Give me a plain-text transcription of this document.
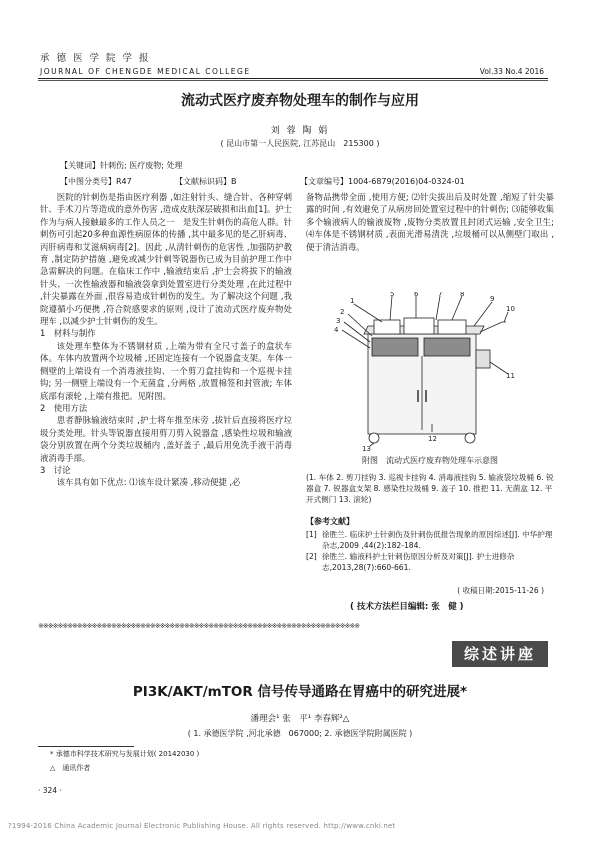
承德医学院学报
JOURNAL OF CHENGDE MEDICAL COLLEGE	Vol.33 No.4 2016
流动式医疗废弃物处理车的制作与应用
刘 蓉 陶 娟
( 昆山市第一人民医院, 江苏昆山　215300 )
【关键词】针刺伤; 医疗废物; 处理
【中图分类号】R47	【文献标识码】B	【文章编号】1004-6879(2016)04-0324-01

医院的针刺伤是指由医疗利器 ,如注射针头、缝合针、各种穿刺针、手术刀片等造成的意外伤害 ,造成皮肤深层破损和出血[1]。护士作为与病人接触最多的工作人员之一　是发生针刺伤的高危人群。针刺伤可引起20多种血源性病原体的传播 ,其中最多见的是乙肝病毒、丙肝病毒和艾滋病病毒[2]。因此 ,从清针刺伤的危害性 ,加强防护教育 ,制定防护措施 ,避免或减少针刺等锐器伤已成为目前护理工作中急需解决的问题。在临床工作中 ,输液结束后 ,护士会将拔下的输液针头、一次性输液器和输液袋拿到处置室进行分类处理 ,在此过程中 ,针尖暴露在外面 ,很容易造成针刺伤的发生。为了解决这个问题 ,我院遵循小巧便携 ,符合院感要求的原则 ,设计了流动式医疗废弃物处理车 ,以减少护士针刺伤的发生。

1　材料与制作

该处理车整体为不锈钢材质 ,上端为带有全尺寸盖子的盒状车体。车体内放置两个垃圾桶 ,还固定连接有一个锐器盒支架。车体一侧壁的上端设有一个消毒液挂钩、一个剪刀盒挂钩和一个巡视卡挂钩; 另一侧壁上端设有一个无菌盒 ,分两格 ,放置棉签和封管液; 车体底部有滚轮 ,上端有推把。见附图。

2　使用方法

患者静脉输液结束时 ,护士将车推至床旁 ,拔针后直接将医疗垃圾分类处理。针头等锐器直接用剪刀剪入锐器盒 ,感染性垃圾和输液袋分别放置在两个分类垃圾桶内 ,盖好盖子 ,最后用免洗手液干消毒液消毒手部。

3　讨论

该车具有如下优点: ⑴该车设计紧凑 ,移动便捷 ,必

备物品携带全面 ,使用方便; ⑵针尖拔出后及时处置 ,缩短了针尖暴露的时间 ,有效避免了从病房回处置室过程中的针刺伤; ⑶能够收集多个输液病人的输液废物 ,废物分类放置且封闭式运输 ,安全卫生; ⑷车体是不锈钢材质 ,表面光滑易清洗 ,垃圾桶可以从侧壁门取出 ,便于清洁消毒。

1
2
3
4
5	6	7	8
9
10
11
12
13
附图　流动式医疗废弃物处理车示意图
(1. 车体 2. 剪刀挂钩 3. 巡视卡挂钩 4. 消毒液挂钩 5. 输液袋垃圾桶 6. 锐器盒 7. 锐器盒支架 8. 感染性垃圾桶 9. 盖子 10. 推把 11. 无菌盒 12. 平开式侧门 13. 滚轮)
【参考文献】
[1] 徐胜兰. 临床护士针刺伤及针刺伤低报告现象的原因综述[J]. 中华护理杂志,2009 ,44(2):182-184.
[2] 徐胜兰. 输液科护士针刺伤原因分析及对策[J]. 护士进修杂志,2013,28(7):660-661.
( 收稿日期:2015-11-26 )
( 技术方法栏目编辑: 张　健 )
※※※※※※※※※※※※※※※※※※※※※※※※※※※※※※※※※※※※※※※※※※※※※※※※※※※※※※※※※※※※※※※※※※
综述讲座
PI3K/AKT/mTOR 信号传导通路在胃癌中的研究进展*
潘理会¹ 张　平¹ 李春辉²△
( 1. 承德医学院 ,河北承德　067000; 2. 承德医学院附属医院 )
* 承德市科学技术研究与发展计划( 20142030 )
△　通讯作者
· 324 ·
?1994-2016 China Academic Journal Electronic Publishing House. All rights reserved. http://www.cnki.net
